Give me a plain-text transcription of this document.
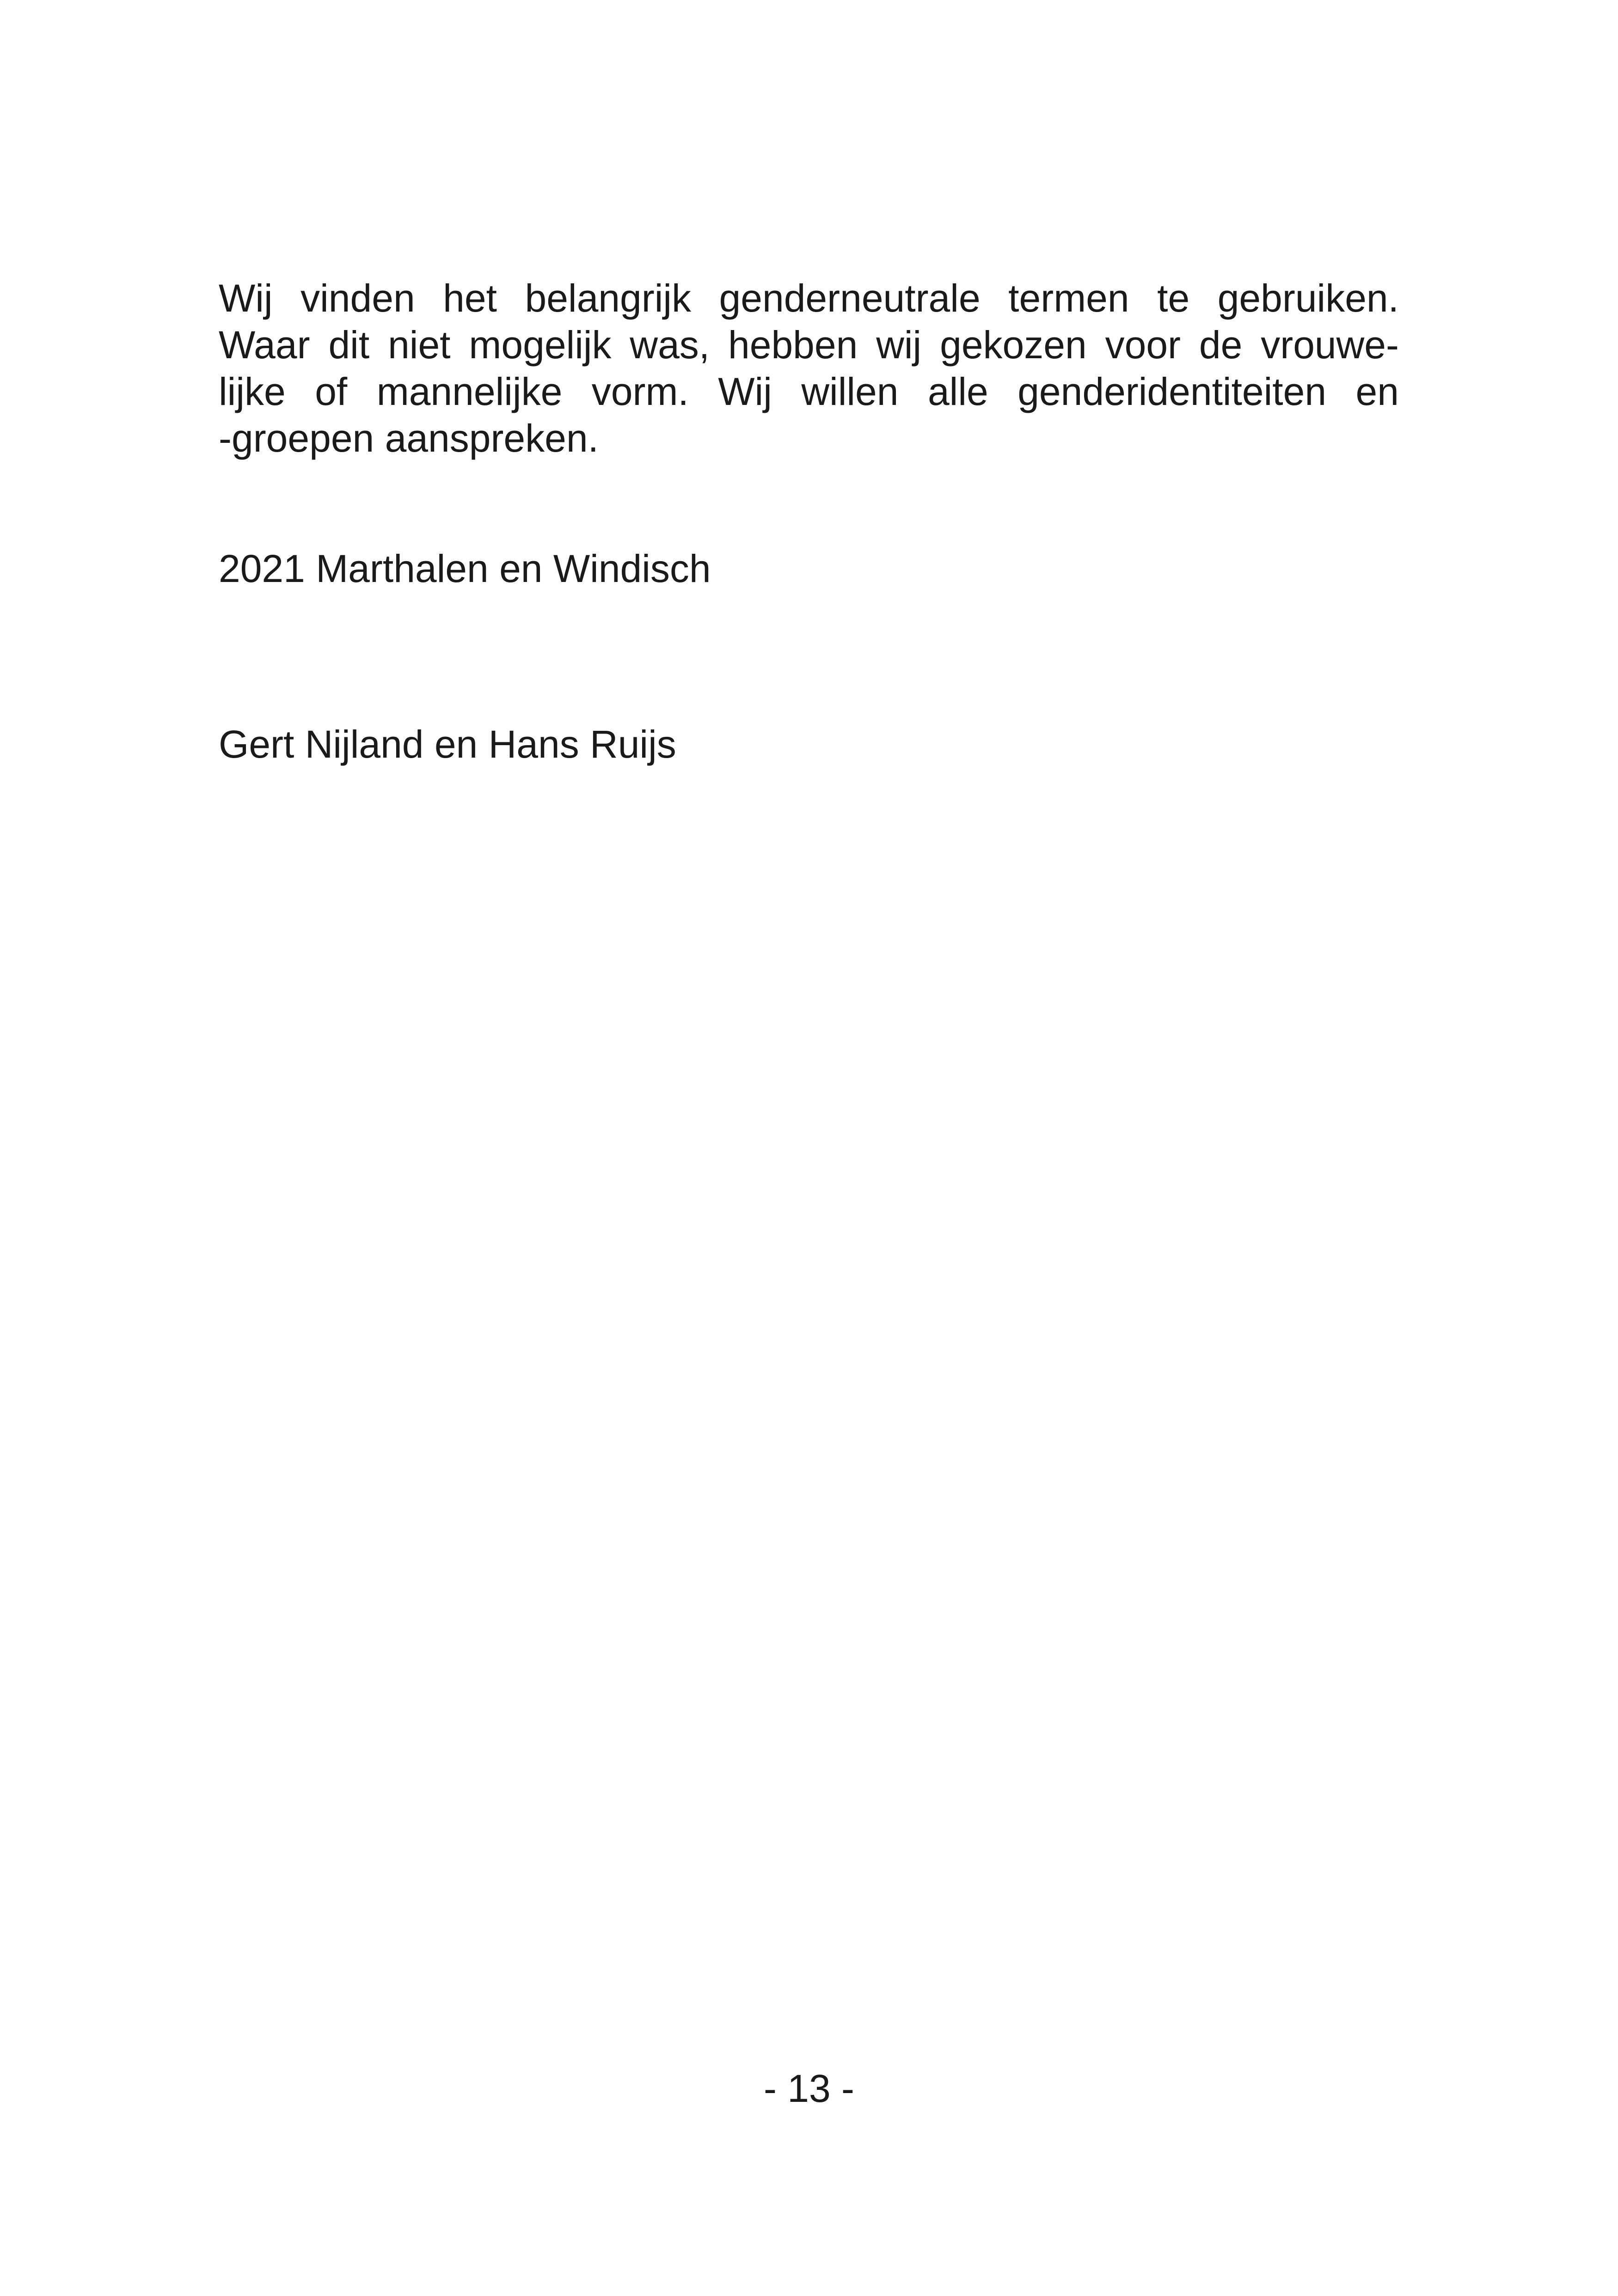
Wij vinden het belangrijk genderneutrale termen te gebruiken.
Waar dit niet mogelijk was, hebben wij gekozen voor de vrouwe-
lijke of mannelijke vorm. Wij willen alle genderidentiteiten en
-groepen aanspreken.

2021 Marthalen en Windisch

Gert Nijland en Hans Ruijs

- 13 -
